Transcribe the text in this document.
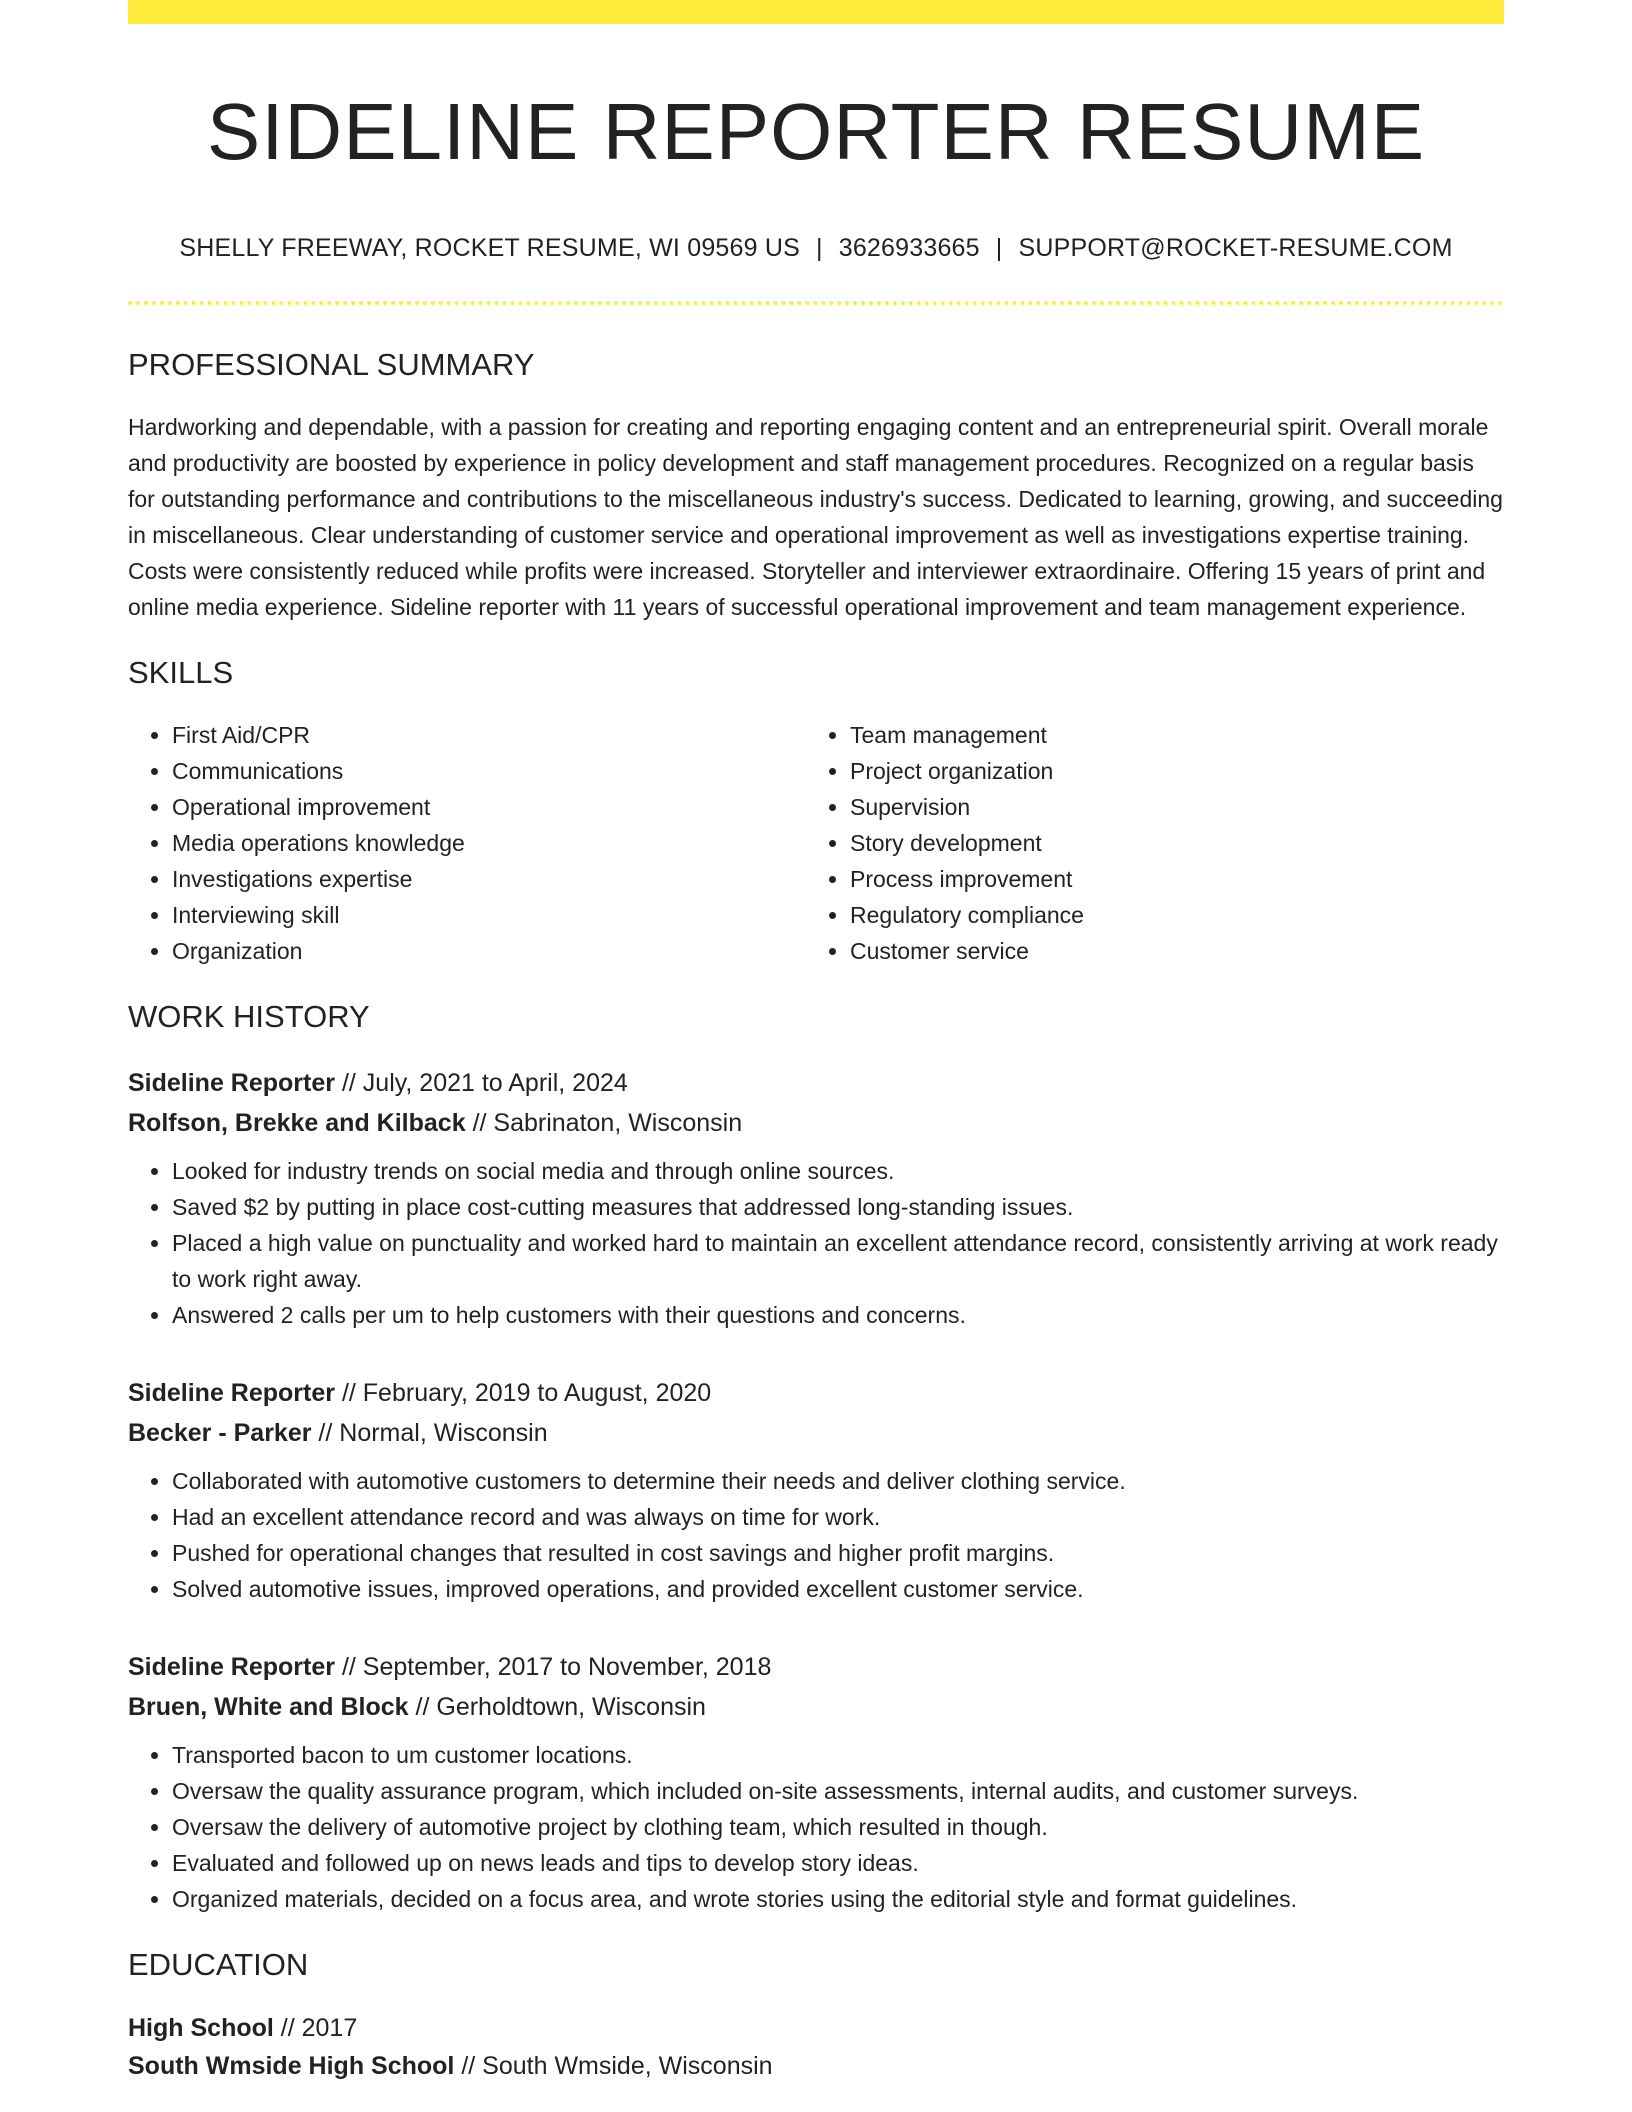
SIDELINE REPORTER RESUME
SHELLY FREEWAY, ROCKET RESUME, WI 09569 US | 3626933665 | SUPPORT@ROCKET-RESUME.COM
PROFESSIONAL SUMMARY

Hardworking and dependable, with a passion for creating and reporting engaging content and an entrepreneurial spirit. Overall morale and productivity are boosted by experience in policy development and staff management procedures. Recognized on a regular basis for outstanding performance and contributions to the miscellaneous industry's success. Dedicated to learning, growing, and succeeding in miscellaneous. Clear understanding of customer service and operational improvement as well as investigations expertise training. Costs were consistently reduced while profits were increased. Storyteller and interviewer extraordinaire. Offering 15 years of print and online media experience. Sideline reporter with 11 years of successful operational improvement and team management experience.

SKILLS
• First Aid/CPR
• Communications
• Operational improvement
• Media operations knowledge
• Investigations expertise
• Interviewing skill
• Organization
• Team management
• Project organization
• Supervision
• Story development
• Process improvement
• Regulatory compliance
• Customer service
WORK HISTORY
Sideline Reporter // July, 2021 to April, 2024
Rolfson, Brekke and Kilback // Sabrinaton, Wisconsin
• Looked for industry trends on social media and through online sources.
• Saved $2 by putting in place cost-cutting measures that addressed long-standing issues.
• Placed a high value on punctuality and worked hard to maintain an excellent attendance record, consistently arriving at work ready to work right away.
• Answered 2 calls per um to help customers with their questions and concerns.
Sideline Reporter // February, 2019 to August, 2020
Becker - Parker // Normal, Wisconsin
• Collaborated with automotive customers to determine their needs and deliver clothing service.
• Had an excellent attendance record and was always on time for work.
• Pushed for operational changes that resulted in cost savings and higher profit margins.
• Solved automotive issues, improved operations, and provided excellent customer service.
Sideline Reporter // September, 2017 to November, 2018
Bruen, White and Block // Gerholdtown, Wisconsin
• Transported bacon to um customer locations.
• Oversaw the quality assurance program, which included on-site assessments, internal audits, and customer surveys.
• Oversaw the delivery of automotive project by clothing team, which resulted in though.
• Evaluated and followed up on news leads and tips to develop story ideas.
• Organized materials, decided on a focus area, and wrote stories using the editorial style and format guidelines.
EDUCATION
High School // 2017
South Wmside High School // South Wmside, Wisconsin
